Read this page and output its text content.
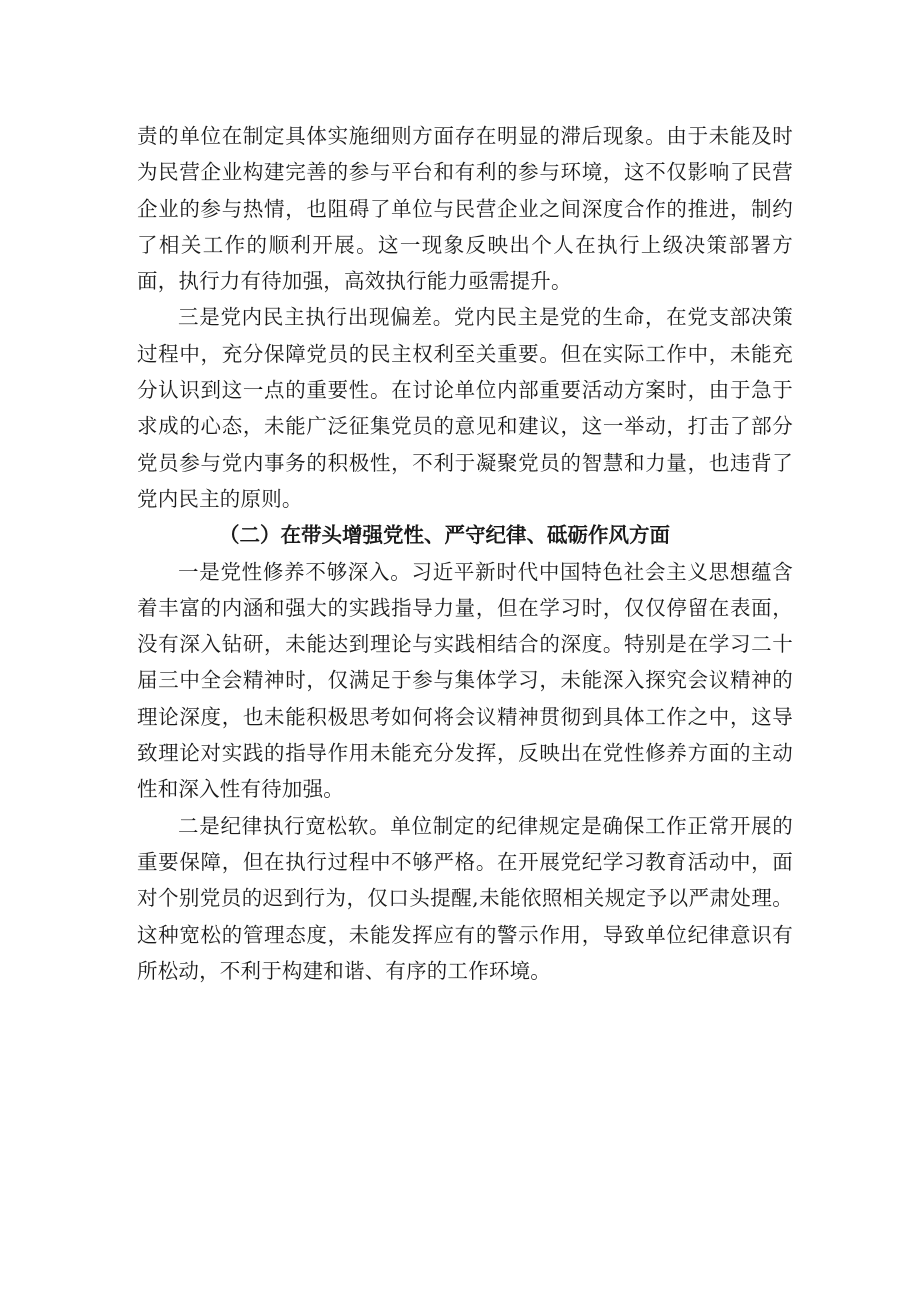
责的单位在制定具体实施细则方面存在明显的滞后现象。由于未能及时为民营企业构建完善的参与平台和有利的参与环境，这不仅影响了民营企业的参与热情，也阻碍了单位与民营企业之间深度合作的推进，制约了相关工作的顺利开展。这一现象反映出个人在执行上级决策部署方面，执行力有待加强，高效执行能力亟需提升。

三是党内民主执行出现偏差。党内民主是党的生命，在党支部决策过程中，充分保障党员的民主权利至关重要。但在实际工作中，未能充分认识到这一点的重要性。在讨论单位内部重要活动方案时，由于急于求成的心态，未能广泛征集党员的意见和建议，这一举动，打击了部分党员参与党内事务的积极性，不利于凝聚党员的智慧和力量，也违背了党内民主的原则。

（二）在带头增强党性、严守纪律、砥砺作风方面

一是党性修养不够深入。习近平新时代中国特色社会主义思想蕴含着丰富的内涵和强大的实践指导力量，但在学习时，仅仅停留在表面，没有深入钻研，未能达到理论与实践相结合的深度。特别是在学习二十届三中全会精神时，仅满足于参与集体学习，未能深入探究会议精神的理论深度，也未能积极思考如何将会议精神贯彻到具体工作之中，这导致理论对实践的指导作用未能充分发挥，反映出在党性修养方面的主动性和深入性有待加强。

二是纪律执行宽松软。单位制定的纪律规定是确保工作正常开展的重要保障，但在执行过程中不够严格。在开展党纪学习教育活动中，面对个别党员的迟到行为，仅口头提醒,未能依照相关规定予以严肃处理。这种宽松的管理态度，未能发挥应有的警示作用，导致单位纪律意识有所松动，不利于构建和谐、有序的工作环境。
